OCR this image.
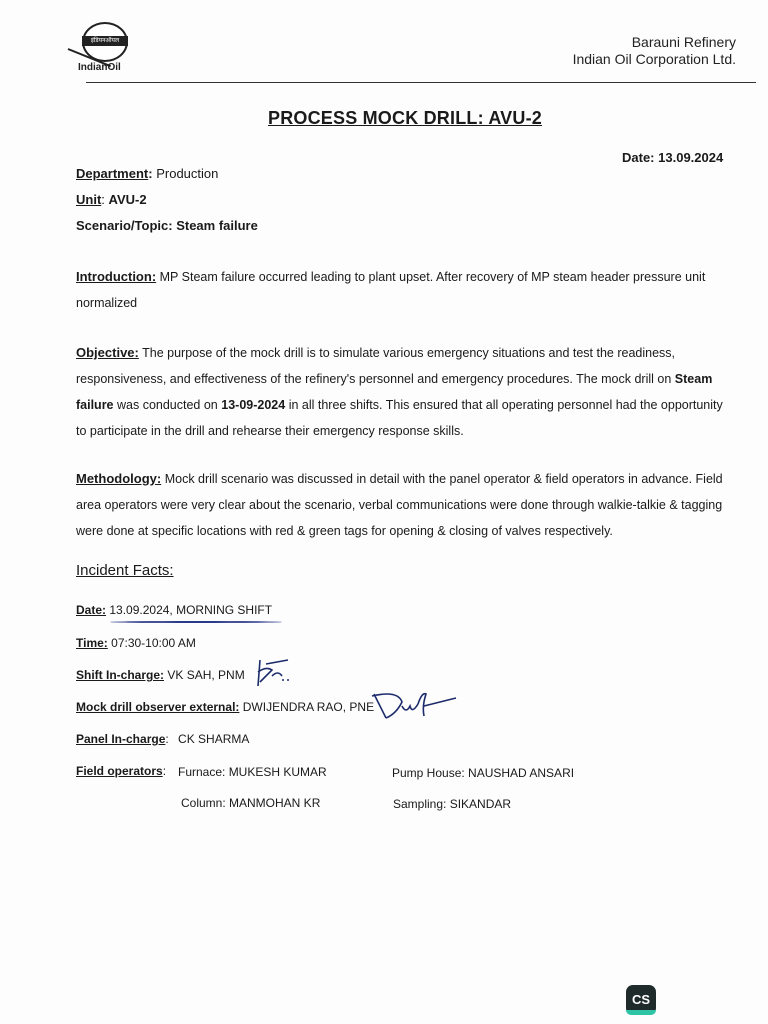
इंडियनऑयल
IndianOil
Barauni Refinery
Indian Oil Corporation Ltd.
PROCESS MOCK DRILL: AVU-2
Date: 13.09.2024
Department: Production
Unit: AVU-2
Scenario/Topic: Steam failure
Introduction: MP Steam failure occurred leading to plant upset. After recovery of MP steam header pressure unit normalized
Objective: The purpose of the mock drill is to simulate various emergency situations and test the readiness, responsiveness, and effectiveness of the refinery's personnel and emergency procedures. The mock drill on Steam failure was conducted on 13-09-2024 in all three shifts. This ensured that all operating personnel had the opportunity to participate in the drill and rehearse their emergency response skills.
Methodology: Mock drill scenario was discussed in detail with the panel operator & field operators in advance. Field area operators were very clear about the scenario, verbal communications were done through walkie-talkie & tagging were done at specific locations with red & green tags for opening & closing of valves respectively.
Incident Facts:
Date: 13.09.2024, MORNING SHIFT
Time: 07:30-10:00 AM
Shift In-charge: VK SAH, PNM
Mock drill observer external: DWIJENDRA RAO, PNE
Panel In-charge: CK SHARMA
Field operators: Furnace: MUKESH KUMAR	Pump House: NAUSHAD ANSARI
Column: MANMOHAN KR	Sampling: SIKANDAR
CS
